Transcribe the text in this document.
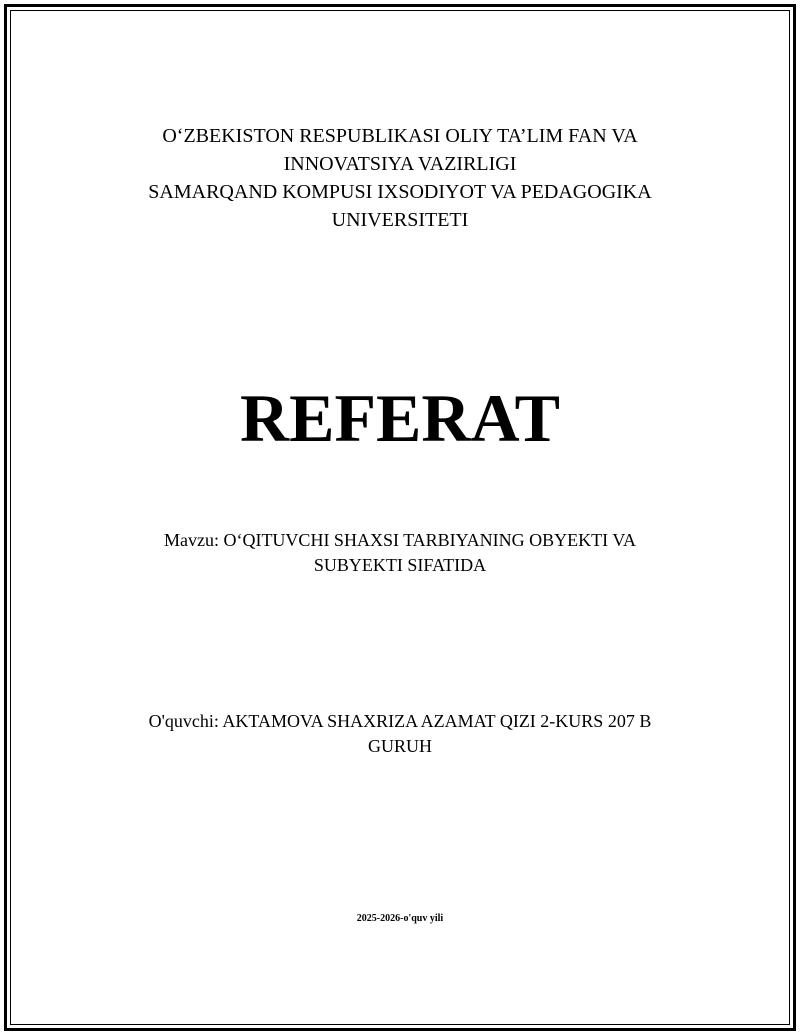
O‘ZBEKISTON RESPUBLIKASI OLIY TA’LIM FAN VA
INNOVATSIYA VAZIRLIGI
SAMARQAND KOMPUSI IXSODIYOT VA PEDAGOGIKA
UNIVERSITETI
REFERAT
Mavzu: O‘QITUVCHI SHAXSI TARBIYANING OBYEKTI VA SUBYEKTI SIFATIDA
O'quvchi: AKTAMOVA SHAXRIZA AZAMAT QIZI 2-KURS 207 B GURUH
2025-2026-o'quv yili
